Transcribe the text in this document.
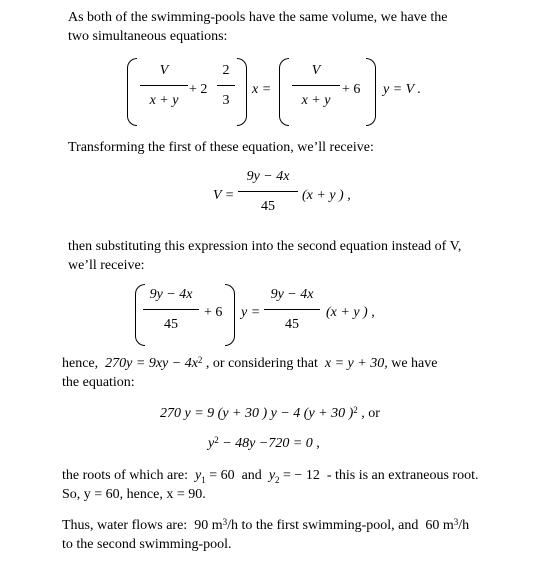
As both of the swimming-pools have the same volume, we have the
two simultaneous equations:
V
x + y
+ 2
2
3
x =
V
x + y
+ 6 y = V .
Transforming the first of these equation, we’ll receive:
V =
9y − 4x
45
(x + y ) ,
then substituting this expression into the second equation instead of V,
we’ll receive:
9y − 4x
45
+ 6 y =
9y − 4x
45
(x + y ) ,
hence, $270y = 9xy - 4x^2$ , or considering that x = y + 30, we have
the equation:
270 y = 9 (y + 30 ) y − 4 (y + 30 )$^2$ , or
$y^2 - 48y -720 = 0$ ,
the roots of which are: $y_1 = 60$ and $y_2$ = − 12 - this is an extraneous root.
So, y = 60, hence, x = 90.
Thus, water flows are: 90 $m^3/h$ to the first swimming-pool, and 60 $m^3/h$
to the second swimming-pool.
